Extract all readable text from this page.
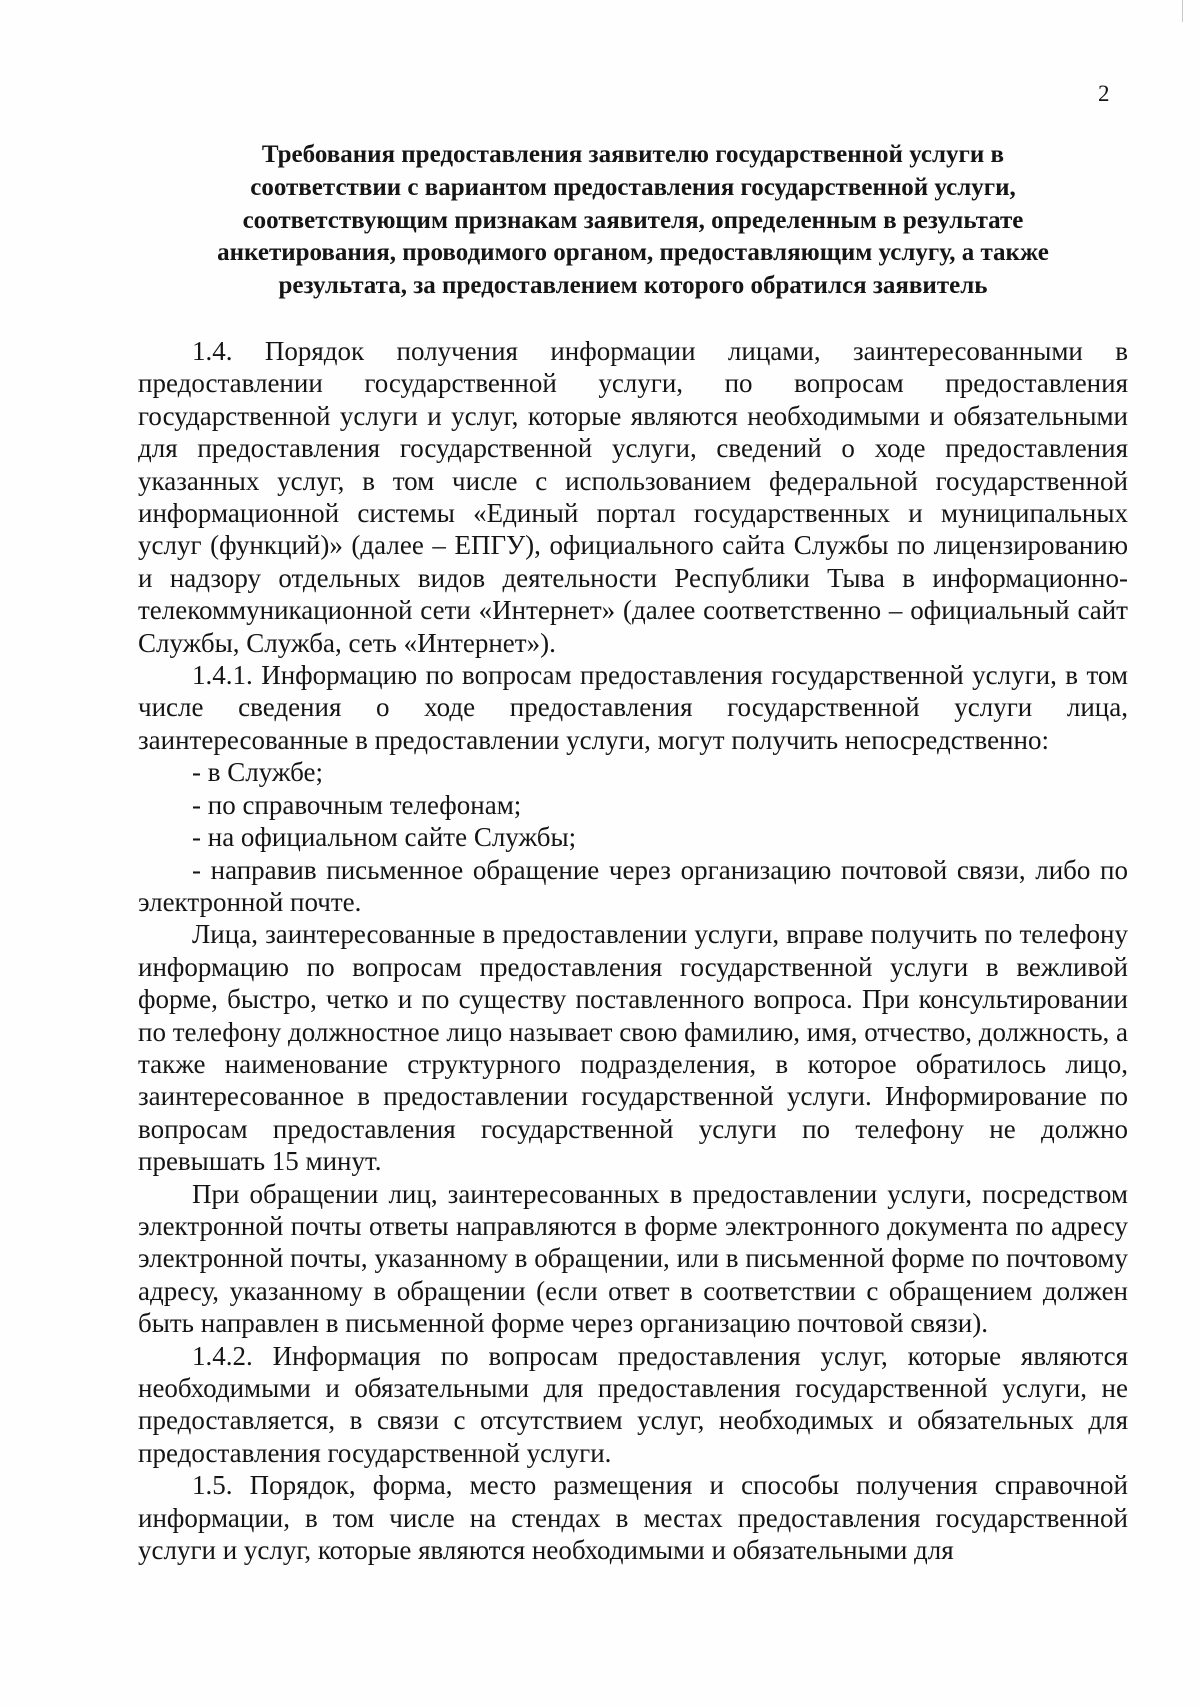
2
Требования предоставления заявителю государственной услуги в
соответствии с вариантом предоставления государственной услуги,
соответствующим признакам заявителя, определенным в результате
анкетирования, проводимого органом, предоставляющим услугу, а также
результата, за предоставлением которого обратился заявитель

1.4. Порядок получения информации лицами, заинтересованными в предоставлении государственной услуги, по вопросам предоставления государственной услуги и услуг, которые являются необходимыми и обязательными для предоставления государственной услуги, сведений о ходе предоставления указанных услуг, в том числе с использованием федеральной государственной информационной системы «Единый портал государственных и муниципальных услуг (функций)» (далее – ЕПГУ), официального сайта Службы по лицензированию и надзору отдельных видов деятельности Республики Тыва в информационно-телекоммуникационной сети «Интернет» (далее соответственно – официальный сайт Службы, Служба, сеть «Интернет»).

1.4.1. Информацию по вопросам предоставления государственной услуги, в том числе сведения о ходе предоставления государственной услуги лица, заинтересованные в предоставлении услуги, могут получить непосредственно:

- в Службе;

- по справочным телефонам;

- на официальном сайте Службы;

- направив письменное обращение через организацию почтовой связи, либо по электронной почте.

Лица, заинтересованные в предоставлении услуги, вправе получить по телефону информацию по вопросам предоставления государственной услуги в вежливой форме, быстро, четко и по существу поставленного вопроса. При консультировании по телефону должностное лицо называет свою фамилию, имя, отчество, должность, а также наименование структурного подразделения, в которое обратилось лицо, заинтересованное в предоставлении государственной услуги. Информирование по вопросам предоставления государственной услуги по телефону не должно превышать 15 минут.

При обращении лиц, заинтересованных в предоставлении услуги, посредством электронной почты ответы направляются в форме электронного документа по адресу электронной почты, указанному в обращении, или в письменной форме по почтовому адресу, указанному в обращении (если ответ в соответствии с обращением должен быть направлен в письменной форме через организацию почтовой связи).

1.4.2. Информация по вопросам предоставления услуг, которые являются необходимыми и обязательными для предоставления государственной услуги, не предоставляется, в связи с отсутствием услуг, необходимых и обязательных для предоставления государственной услуги.

1.5. Порядок, форма, место размещения и способы получения справочной информации, в том числе на стендах в местах предоставления государственной услуги и услуг, которые являются необходимыми и обязательными для
